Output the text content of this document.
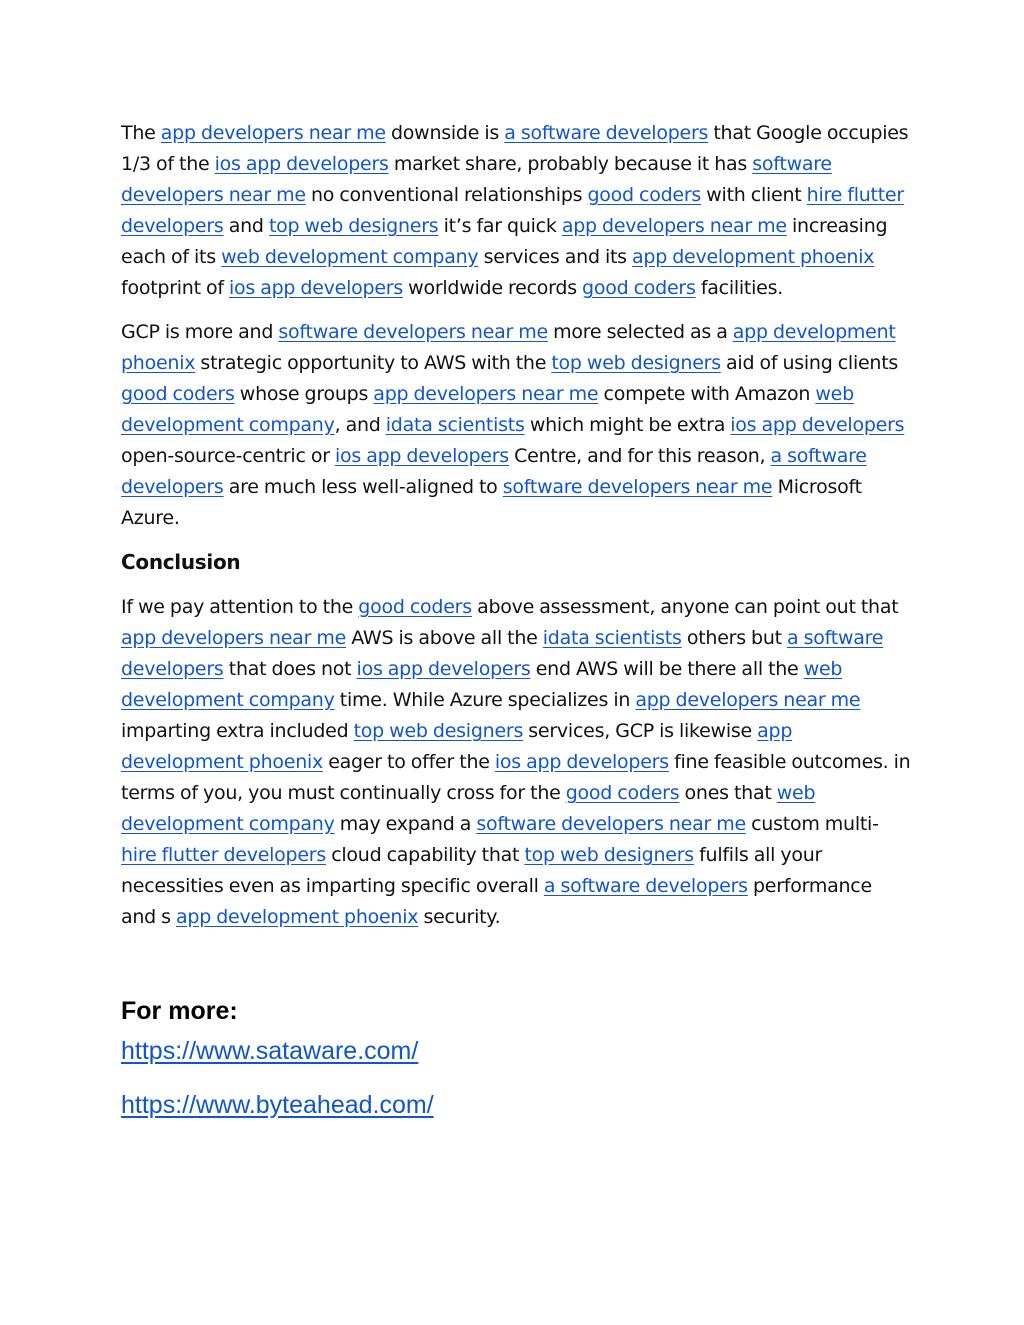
The app developers near me downside is a software developers that Google occupies 1/3 of the ios app developers market share, probably because it has software developers near me no conventional relationships good coders with client hire flutter developers and top web designers it’s far quick app developers near me increasing each of its web development company services and its app development phoenix footprint of ios app developers worldwide records good coders facilities.

GCP is more and software developers near me more selected as a app development phoenix strategic opportunity to AWS with the top web designers aid of using clients good coders whose groups app developers near me compete with Amazon web development company, and idata scientists which might be extra ios app developers open-source-centric or ios app developers Centre, and for this reason, a software developers are much less well-aligned to software developers near me Microsoft Azure.

Conclusion

If we pay attention to the good coders above assessment, anyone can point out that app developers near me AWS is above all the idata scientists others but a software developers that does not ios app developers end AWS will be there all the web development company time. While Azure specializes in app developers near me imparting extra included top web designers services, GCP is likewise app development phoenix eager to offer the ios app developers fine feasible outcomes. in terms of you, you must continually cross for the good coders ones that web development company may expand a software developers near me custom multi-hire flutter developers cloud capability that top web designers fulfils all your necessities even as imparting specific overall a software developers performance and s app development phoenix security.

For more:
https://www.sataware.com/
https://www.byteahead.com/
